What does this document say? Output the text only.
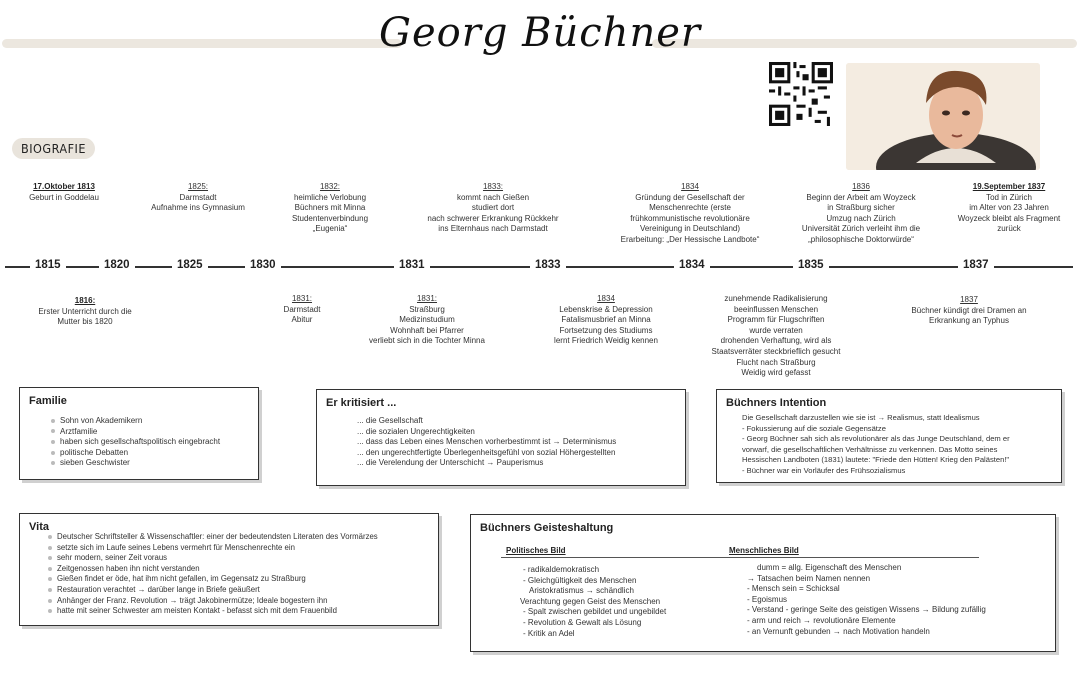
Georg Büchner
BIOGRAFIE
17.Oktober 1813
Geburt in Goddelau
1825:
Darmstadt
Aufnahme ins Gymnasium
1832:
heimliche Verlobung
Büchners mit Minna
Studentenverbindung
„Eugenia“
1833:
kommt nach Gießen
studiert dort
nach schwerer Erkrankung Rückkehr
ins Elternhaus nach Darmstadt
1834
Gründung der Gesellschaft der
Menschenrechte (erste
frühkommunistische revolutionäre
Vereinigung in Deutschland)
Erarbeitung: „Der Hessische Landbote“
1836
Beginn der Arbeit am Woyzeck
in Straßburg sicher
Umzug nach Zürich
Universität Zürich verleiht ihm die
„philosophische Doktorwürde“
19.September 1837
Tod in Zürich
im Alter von 23 Jahren
Woyzeck bleibt als Fragment
zurück
1815	1820	1825	1830	1831	1833	1834	1835	1837
1816:
Erster Unterricht durch die
Mutter bis 1820
1831:
Darmstadt
Abitur
1831:
Straßburg
Medizinstudium
Wohnhaft bei Pfarrer
verliebt sich in die Tochter Minna
1834
Lebenskrise & Depression
Fatalismusbrief an Minna
Fortsetzung des Studiums
lernt Friedrich Weidig kennen
zunehmende Radikalisierung
beeinflussen Menschen
Programm für Flugschriften
wurde verraten
drohenden Verhaftung, wird als
Staatsverräter steckbrieflich gesucht
Flucht nach Straßburg
Weidig wird gefasst
1837
Büchner kündigt drei Dramen an
Erkrankung an Typhus
Familie
Sohn von Akademikern
Arztfamilie
haben sich gesellschaftspolitisch eingebracht
politische Debatten
sieben Geschwister
Er kritisiert ...
... die Gesellschaft
... die sozialen Ungerechtigkeiten
... dass das Leben eines Menschen vorherbestimmt ist → Determinismus
... den ungerechtfertigte Überlegenheitsgefühl von sozial Höhergestellten
... die Verelendung der Unterschicht → Pauperismus
Büchners Intention
Die Gesellschaft darzustellen wie sie ist → Realismus, statt Idealismus
- Fokussierung auf die soziale Gegensätze
- Georg Büchner sah sich als revolutionärer als das Junge Deutschland, dem er
vorwarf, die gesellschaftlichen Verhältnisse zu verkennen. Das Motto seines
Hessischen Landboten (1831) lautete: "Friede den Hütten! Krieg den Palästen!"
- Büchner war ein Vorläufer des Frühsozialismus
Vita
Deutscher Schriftsteller & Wissenschaftler: einer der bedeutendsten Literaten des Vormärzes
setzte sich im Laufe seines Lebens vermehrt für Menschenrechte ein
sehr modern, seiner Zeit voraus
Zeitgenossen haben ihn nicht verstanden
Gießen findet er öde, hat ihm nicht gefallen, im Gegensatz zu Straßburg
Restauration verachtet → darüber lange in Briefe geäußert
Anhänger der Franz. Revolution → trägt Jakobinermütze; Ideale bogestern ihn
hatte mit seiner Schwester am meisten Kontakt - befasst sich mit dem Frauenbild
Büchners Geisteshaltung
Politisches Bild	Menschliches Bild
- radikaldemokratisch
- Gleichgültigkeit des Menschen
Aristokratismus → schändlich
Verachtung gegen Geist des Menschen
- Spalt zwischen gebildet und ungebildet
- Revolution & Gewalt als Lösung
- Kritik an Adel
dumm = allg. Eigenschaft des Menschen
→ Tatsachen beim Namen nennen
- Mensch sein = Schicksal
- Egoismus
- Verstand - geringe Seite des geistigen Wissens → Bildung zufällig
- arm und reich → revolutionäre Elemente
- an Vernunft gebunden → nach Motivation handeln
